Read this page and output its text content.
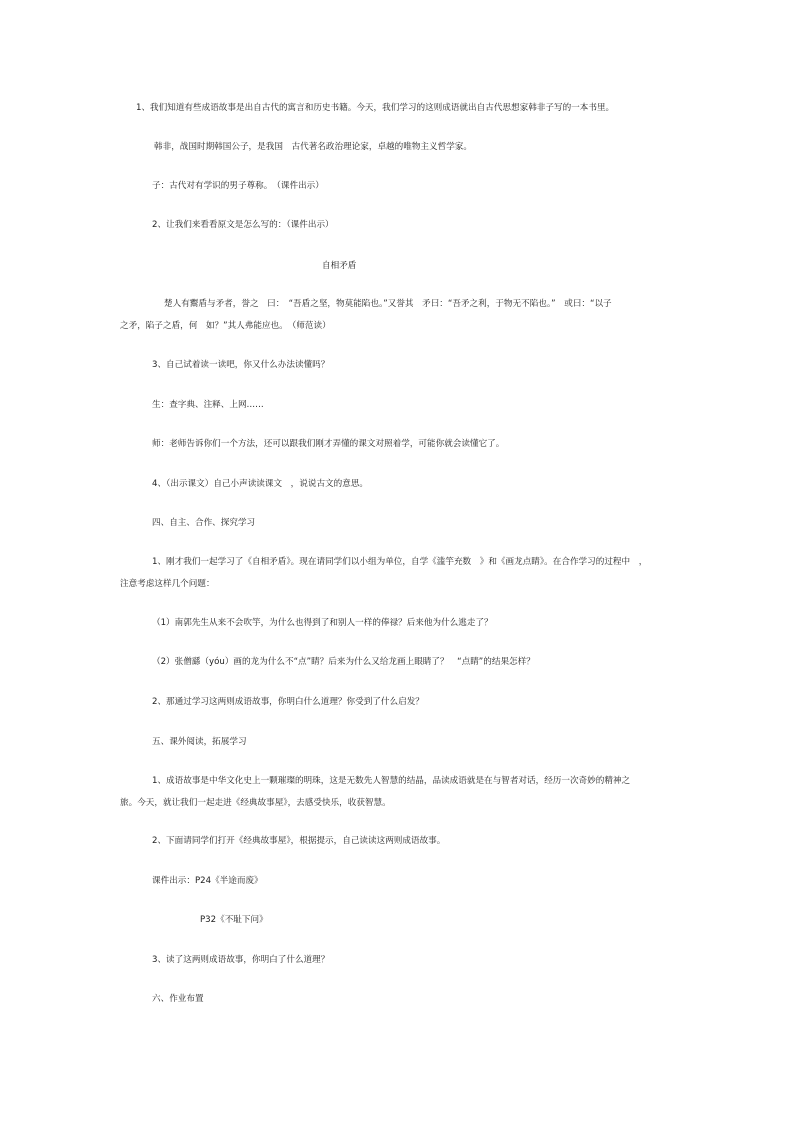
1、我们知道有些成语故事是出自古代的寓言和历史书籍。今天，我们学习的这则成语就出自古代思想家韩非子写的一本书里。
韩非，战国时期韩国公子，是我国　古代著名政治理论家，卓越的唯物主义哲学家。
子：古代对有学识的男子尊称。　（课件出示）
2、让我们来看看原文是怎么写的：（课件出示）
自相矛盾
楚人有鬻盾与矛者，誉之　曰：　“吾盾之坚，物莫能陷也。”又誉其　矛曰：“吾矛之利，于物无不陷也。”　或曰：“以子
之矛，陷子之盾，何　如？”其人弗能应也。　（师范读）
3、自己试着读一读吧，你又什么办法读懂吗？
生：查字典、注释、上网……
师：老师告诉你们一个方法，还可以跟我们刚才弄懂的课文对照着学，可能你就会读懂它了。
4、（出示课文）自己小声读读课文　，说说古文的意思。
四、自主、合作、探究学习
1、刚才我们一起学习了《自相矛盾》。现在请同学们以小组为单位，自学《滥竽充数　》和《画龙点睛》。在合作学习的过程中　，
注意考虑这样几个问题：
（1）南郭先生从来不会吹竽，为什么也得到了和别人一样的俸禄？后来他为什么逃走了？
（2）张僧繇（yóu）画的龙为什么不“点”睛？后来为什么又给龙画上眼睛了？　“点睛”的结果怎样？
2、那通过学习这两则成语故事，你明白什么道理？你受到了什么启发？
五、课外阅读，拓展学习
1、成语故事是中华文化史上一颗璀璨的明珠，这是无数先人智慧的结晶，品读成语就是在与智者对话，经历一次奇妙的精神之
旅。今天，就让我们一起走进《经典故事屋》，去感受快乐，收获智慧。
2、下面请同学们打开《经典故事屋》，根据提示，自己读读这两则成语故事。
课件出示：P24《半途而废》
P32《不耻下问》
3、读了这两则成语故事，你明白了什么道理？
六、作业布置
